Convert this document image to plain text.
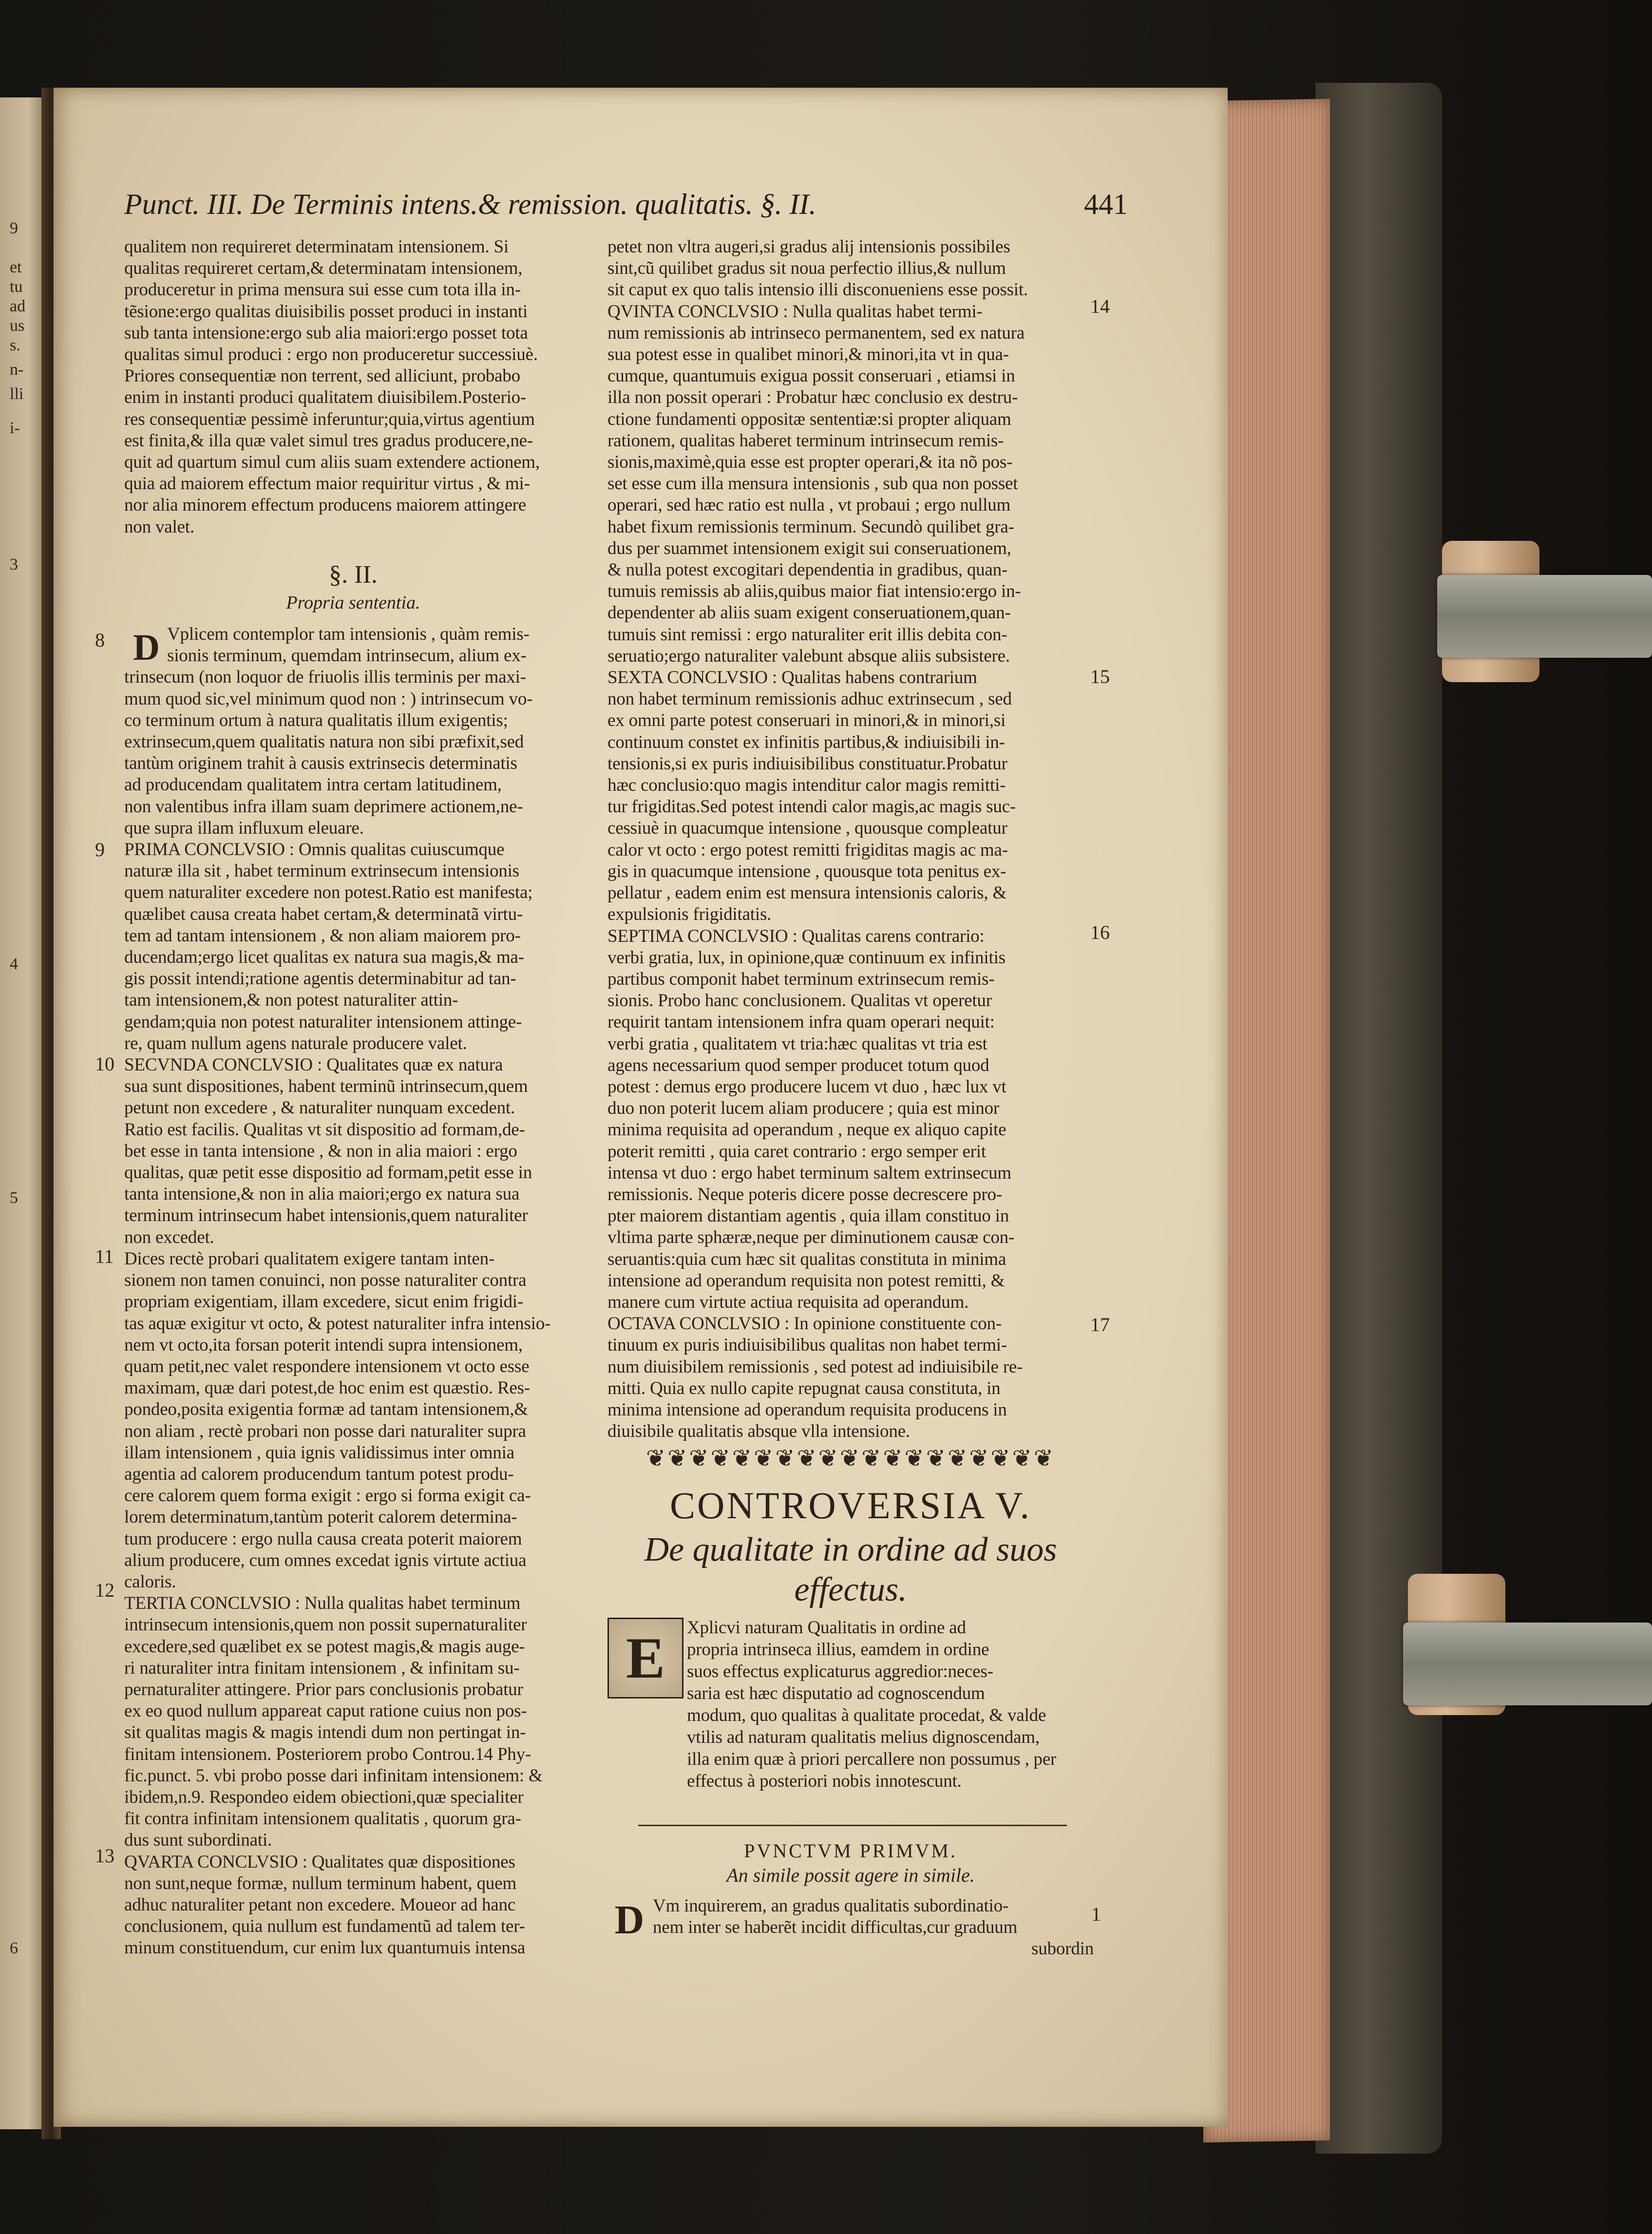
9
et
tu
ad
us
s.
n-
lli
i-
3
4
5
6
Punct. III. De Terminis intens.& remission. qualitatis. §. II.	441
qualitem non requireret determinatam intensionem. Si
qualitas requireret certam,& determinatam intensionem,
produceretur in prima mensura sui esse cum tota illa in-
tẽsione:ergo qualitas diuisibilis posset produci in instanti
sub tanta intensione:ergo sub alia maiori:ergo posset tota
qualitas simul produci : ergo non produceretur successiuè.
Priores consequentiæ non terrent, sed alliciunt, probabo
enim in instanti produci qualitatem diuisibilem.Posterio-
res consequentiæ pessimè inferuntur;quia,virtus agentium
est finita,& illa quæ valet simul tres gradus producere,ne-
quit ad quartum simul cum aliis suam extendere actionem,
quia ad maiorem effectum maior requiritur virtus , & mi-
nor alia minorem effectum producens maiorem attingere
non valet.
§. II.
Propria sententia.
D Vplicem contemplor tam intensionis , quàm remis-
sionis terminum, quemdam intrinsecum, alium ex-
trinsecum (non loquor de friuolis illis terminis per maxi-
mum quod sic,vel minimum quod non : ) intrinsecum vo-
co terminum ortum à natura qualitatis illum exigentis;
extrinsecum,quem qualitatis natura non sibi præfixit,sed
tantùm originem trahit à causis extrinsecis determinatis
ad producendam qualitatem intra certam latitudinem,
non valentibus infra illam suam deprimere actionem,ne-
que supra illam influxum eleuare.
PRIMA CONCLVSIO : Omnis qualitas cuiuscumque
naturæ illa sit , habet terminum extrinsecum intensionis
quem naturaliter excedere non potest.Ratio est manifesta;
quælibet causa creata habet certam,& determinatã virtu-
tem ad tantam intensionem , & non aliam maiorem pro-
ducendam;ergo licet qualitas ex natura sua magis,& ma-
gis possit intendi;ratione agentis determinabitur ad tan-
tam intensionem,& non potest naturaliter attin-
gendam;quia non potest naturaliter intensionem attinge-
re, quam nullum agens naturale producere valet.
SECVNDA CONCLVSIO : Qualitates quæ ex natura
sua sunt dispositiones, habent terminũ intrinsecum,quem
petunt non excedere , & naturaliter nunquam excedent.
Ratio est facilis. Qualitas vt sit dispositio ad formam,de-
bet esse in tanta intensione , & non in alia maiori : ergo
qualitas, quæ petit esse dispositio ad formam,petit esse in
tanta intensione,& non in alia maiori;ergo ex natura sua
terminum intrinsecum habet intensionis,quem naturaliter
non excedet.
Dices rectè probari qualitatem exigere tantam inten-
sionem non tamen conuinci, non posse naturaliter contra
propriam exigentiam, illam excedere, sicut enim frigidi-
tas aquæ exigitur vt octo, & potest naturaliter infra intensio-
nem vt octo,ita forsan poterit intendi supra intensionem,
quam petit,nec valet respondere intensionem vt octo esse
maximam, quæ dari potest,de hoc enim est quæstio. Res-
pondeo,posita exigentia formæ ad tantam intensionem,&
non aliam , rectè probari non posse dari naturaliter supra
illam intensionem , quia ignis validissimus inter omnia
agentia ad calorem producendum tantum potest produ-
cere calorem quem forma exigit : ergo si forma exigit ca-
lorem determinatum,tantùm poterit calorem determina-
tum producere : ergo nulla causa creata poterit maiorem
alium producere, cum omnes excedat ignis virtute actiua
caloris.
TERTIA CONCLVSIO : Nulla qualitas habet terminum
intrinsecum intensionis,quem non possit supernaturaliter
excedere,sed quælibet ex se potest magis,& magis auge-
ri naturaliter intra finitam intensionem , & infinitam su-
pernaturaliter attingere. Prior pars conclusionis probatur
ex eo quod nullum appareat caput ratione cuius non pos-
sit qualitas magis & magis intendi dum non pertingat in-
finitam intensionem. Posteriorem probo Controu.14 Phy-
fic.punct. 5. vbi probo posse dari infinitam intensionem: &
ibidem,n.9. Respondeo eidem obiectioni,quæ specialiter
fit contra infinitam intensionem qualitatis , quorum gra-
dus sunt subordinati.
QVARTA CONCLVSIO : Qualitates quæ dispositiones
non sunt,neque formæ, nullum terminum habent, quem
adhuc naturaliter petant non excedere. Moueor ad hanc
conclusionem, quia nullum est fundamentũ ad talem ter-
minum constituendum, cur enim lux quantumuis intensa
8
9
10
11
12
13
petet non vltra augeri,si gradus alij intensionis possibiles
sint,cũ quilibet gradus sit noua perfectio illius,& nullum
sit caput ex quo talis intensio illi disconueniens esse possit.
QVINTA CONCLVSIO : Nulla qualitas habet termi-
num remissionis ab intrinseco permanentem, sed ex natura
sua potest esse in qualibet minori,& minori,ita vt in qua-
cumque, quantumuis exigua possit conseruari , etiamsi in
illa non possit operari : Probatur hæc conclusio ex destru-
ctione fundamenti oppositæ sententiæ:si propter aliquam
rationem, qualitas haberet terminum intrinsecum remis-
sionis,maximè,quia esse est propter operari,& ita nõ pos-
set esse cum illa mensura intensionis , sub qua non posset
operari, sed hæc ratio est nulla , vt probaui ; ergo nullum
habet fixum remissionis terminum. Secundò quilibet gra-
dus per suammet intensionem exigit sui conseruationem,
& nulla potest excogitari dependentia in gradibus, quan-
tumuis remissis ab aliis,quibus maior fiat intensio:ergo in-
dependenter ab aliis suam exigent conseruationem,quan-
tumuis sint remissi : ergo naturaliter erit illis debita con-
seruatio;ergo naturaliter valebunt absque aliis subsistere.
SEXTA CONCLVSIO : Qualitas habens contrarium
non habet terminum remissionis adhuc extrinsecum , sed
ex omni parte potest conseruari in minori,& in minori,si
continuum constet ex infinitis partibus,& indiuisibili in-
tensionis,si ex puris indiuisibilibus constituatur.Probatur
hæc conclusio:quo magis intenditur calor magis remitti-
tur frigiditas.Sed potest intendi calor magis,ac magis suc-
cessiuè in quacumque intensione , quousque compleatur
calor vt octo : ergo potest remitti frigiditas magis ac ma-
gis in quacumque intensione , quousque tota penitus ex-
pellatur , eadem enim est mensura intensionis caloris, &
expulsionis frigiditatis.
SEPTIMA CONCLVSIO : Qualitas carens contrario:
verbi gratia, lux, in opinione,quæ continuum ex infinitis
partibus componit habet terminum extrinsecum remis-
sionis. Probo hanc conclusionem. Qualitas vt operetur
requirit tantam intensionem infra quam operari nequit:
verbi gratia , qualitatem vt tria:hæc qualitas vt tria est
agens necessarium quod semper producet totum quod
potest : demus ergo producere lucem vt duo , hæc lux vt
duo non poterit lucem aliam producere ; quia est minor
minima requisita ad operandum , neque ex aliquo capite
poterit remitti , quia caret contrario : ergo semper erit
intensa vt duo : ergo habet terminum saltem extrinsecum
remissionis. Neque poteris dicere posse decrescere pro-
pter maiorem distantiam agentis , quia illam constituo in
vltima parte sphæræ,neque per diminutionem causæ con-
seruantis:quia cum hæc sit qualitas constituta in minima
intensione ad operandum requisita non potest remitti, &
manere cum virtute actiua requisita ad operandum.
OCTAVA CONCLVSIO : In opinione constituente con-
tinuum ex puris indiuisibilibus qualitas non habet termi-
num diuisibilem remissionis , sed potest ad indiuisibile re-
mitti. Quia ex nullo capite repugnat causa constituta, in
minima intensione ad operandum requisita producens in
diuisibile qualitatis absque vlla intensione.
14
15
16
17
❦❦❦❦❦❦❦❦❦❦❦❦❦❦❦❦❦❦❦
CONTROVERSIA V.
De qualitate in ordine ad suos effectus.
E	Xplicvi naturam Qualitatis in ordine ad
propria intrinseca illius, eamdem in ordine
suos effectus explicaturus aggredior:neces-
saria est hæc disputatio ad cognoscendum
modum, quo qualitas à qualitate procedat, & valde
vtilis ad naturam qualitatis melius dignoscendam,
illa enim quæ à priori percallere non possumus , per
effectus à posteriori nobis innotescunt.
PVNCTVM PRIMVM.
An simile possit agere in simile.
D Vm inquirerem, an gradus qualitatis subordinatio-
nem inter se haberẽt incidit difficultas,cur graduum
subordin
1
